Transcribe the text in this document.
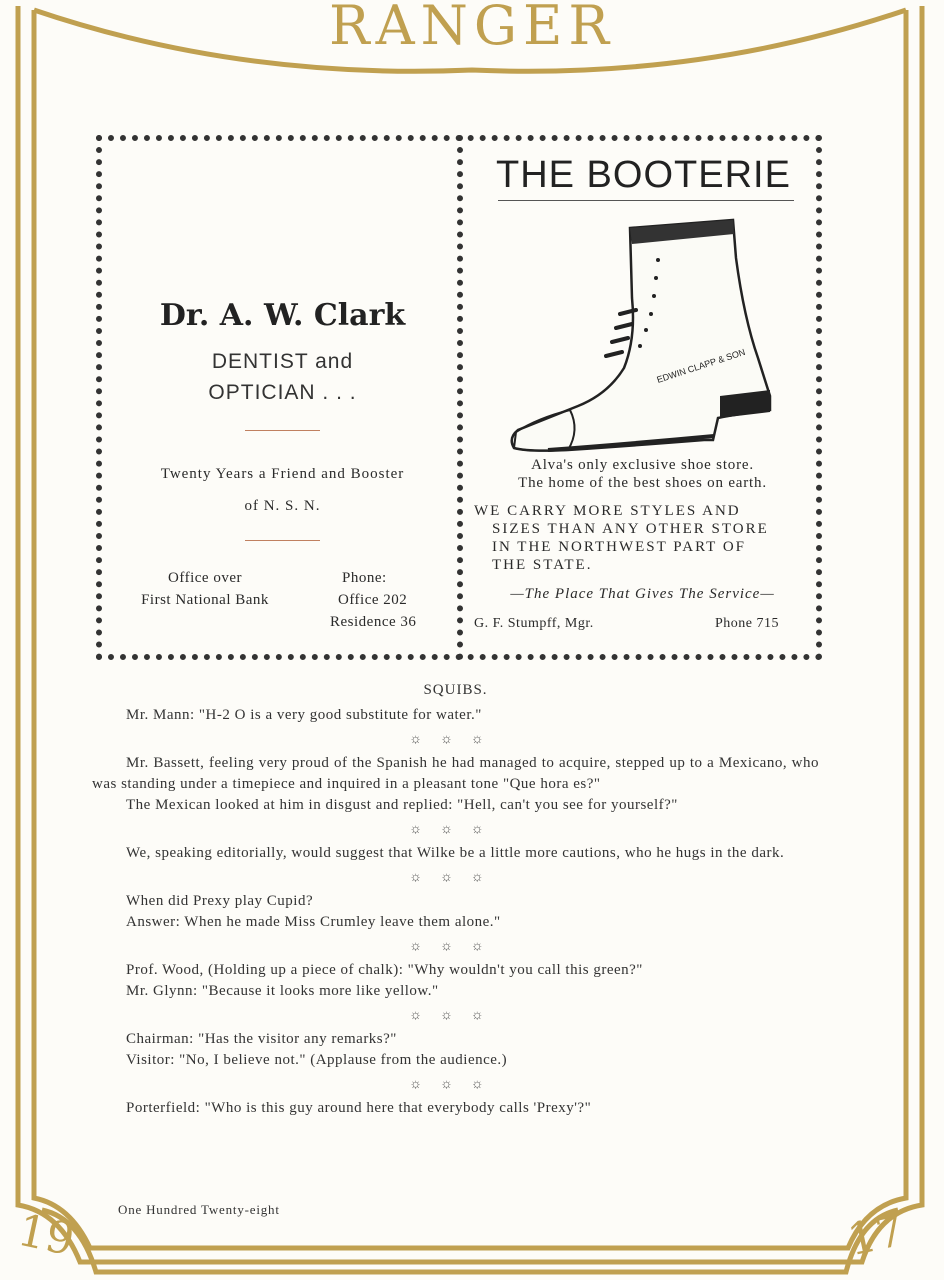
RANGER
Dr. A. W. Clark
DENTIST and
OPTICIAN . . .
Twenty Years a Friend and Booster
of N. S. N.
Office over
First National Bank
Phone:
Office 202
Residence 36
THE BOOTERIE
EDWIN CLAPP & SON
Alva's only exclusive shoe store.
The home of the best shoes on earth.
WE CARRY MORE STYLES AND
SIZES THAN ANY OTHER STORE
IN THE NORTHWEST PART OF
THE STATE.
—The Place That Gives The Service—
G. F. Stumpff, Mgr.	Phone 715
SQUIBS.

Mr. Mann: "H-2 O is a very good substitute for water."

☼☼☼

Mr. Bassett, feeling very proud of the Spanish he had managed to acquire, stepped up to a Mexicano, who was standing under a timepiece and inquired in a pleasant tone "Que hora es?"

The Mexican looked at him in disgust and replied: "Hell, can't you see for yourself?"

☼☼☼

We, speaking editorially, would suggest that Wilke be a little more cautions, who he hugs in the dark.

☼☼☼

When did Prexy play Cupid?

Answer: When he made Miss Crumley leave them alone."

☼☼☼

Prof. Wood, (Holding up a piece of chalk): "Why wouldn't you call this green?"

Mr. Glynn: "Because it looks more like yellow."

☼☼☼

Chairman: "Has the visitor any remarks?"

Visitor: "No, I believe not." (Applause from the audience.)

☼☼☼

Porterfield: "Who is this guy around here that everybody calls 'Prexy'?"

One Hundred Twenty-eight
19	17
